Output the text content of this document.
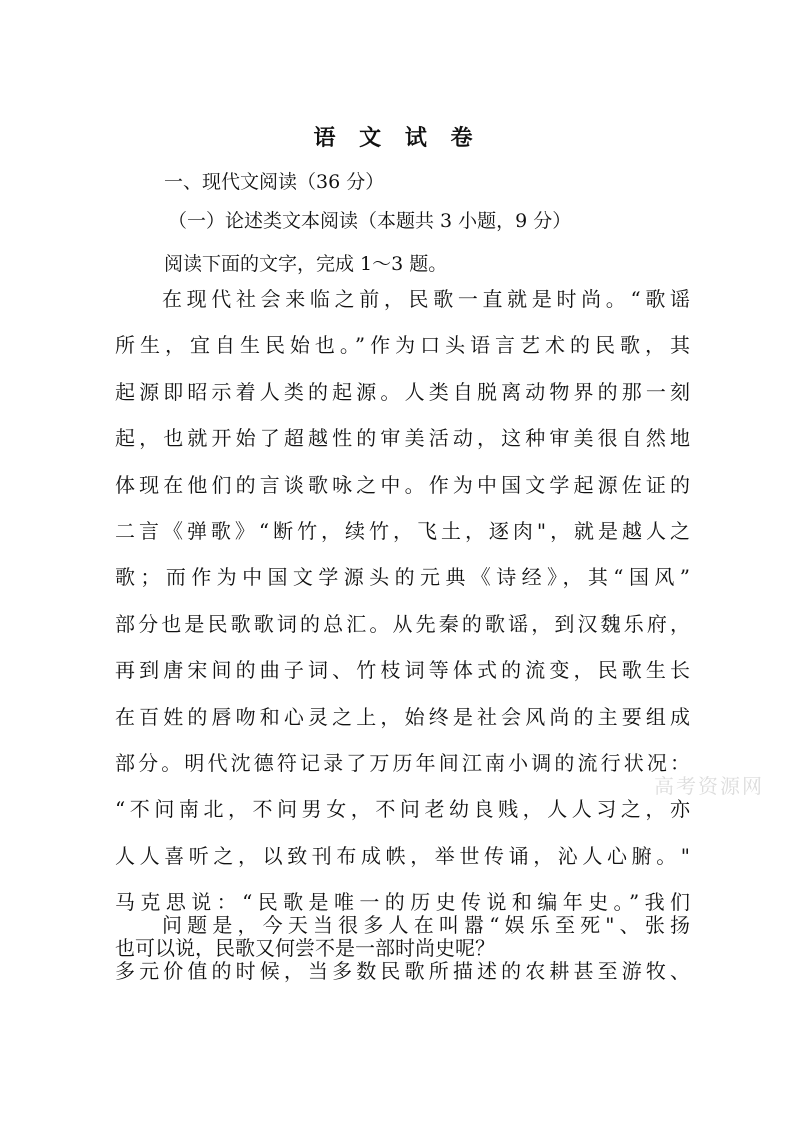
语 文 试 卷
一、现代文阅读（36 分）
（一）论述类文本阅读（本题共 3 小题，9 分）
阅读下面的文字，完成 1～3 题。
在现代社会来临之前，民歌一直就是时尚。“歌谣
所生，宜自生民始也。”作为口头语言艺术的民歌，其
起源即昭示着人类的起源。人类自脱离动物界的那一刻
起，也就开始了超越性的审美活动，这种审美很自然地
体现在他们的言谈歌咏之中。作为中国文学起源佐证的
二言《弹歌》“断竹，续竹，飞土，逐肉"，就是越人之
歌；而作为中国文学源头的元典《诗经》，其“国风”
部分也是民歌歌词的总汇。从先秦的歌谣，到汉魏乐府，
再到唐宋间的曲子词、竹枝词等体式的流变，民歌生长
在百姓的唇吻和心灵之上，始终是社会风尚的主要组成
部分。明代沈德符记录了万历年间江南小调的流行状况：
“不问南北，不问男女，不问老幼良贱，人人习之，亦
人人喜听之，以致刊布成帙，举世传诵，沁人心腑。"
马克思说：“民歌是唯一的历史传说和编年史。”我们
也可以说，民歌又何尝不是一部时尚史呢？
问题是，今天当很多人在叫嚣“娱乐至死"、张扬
多元价值的时候，当多数民歌所描述的农耕甚至游牧、
高考资源网
